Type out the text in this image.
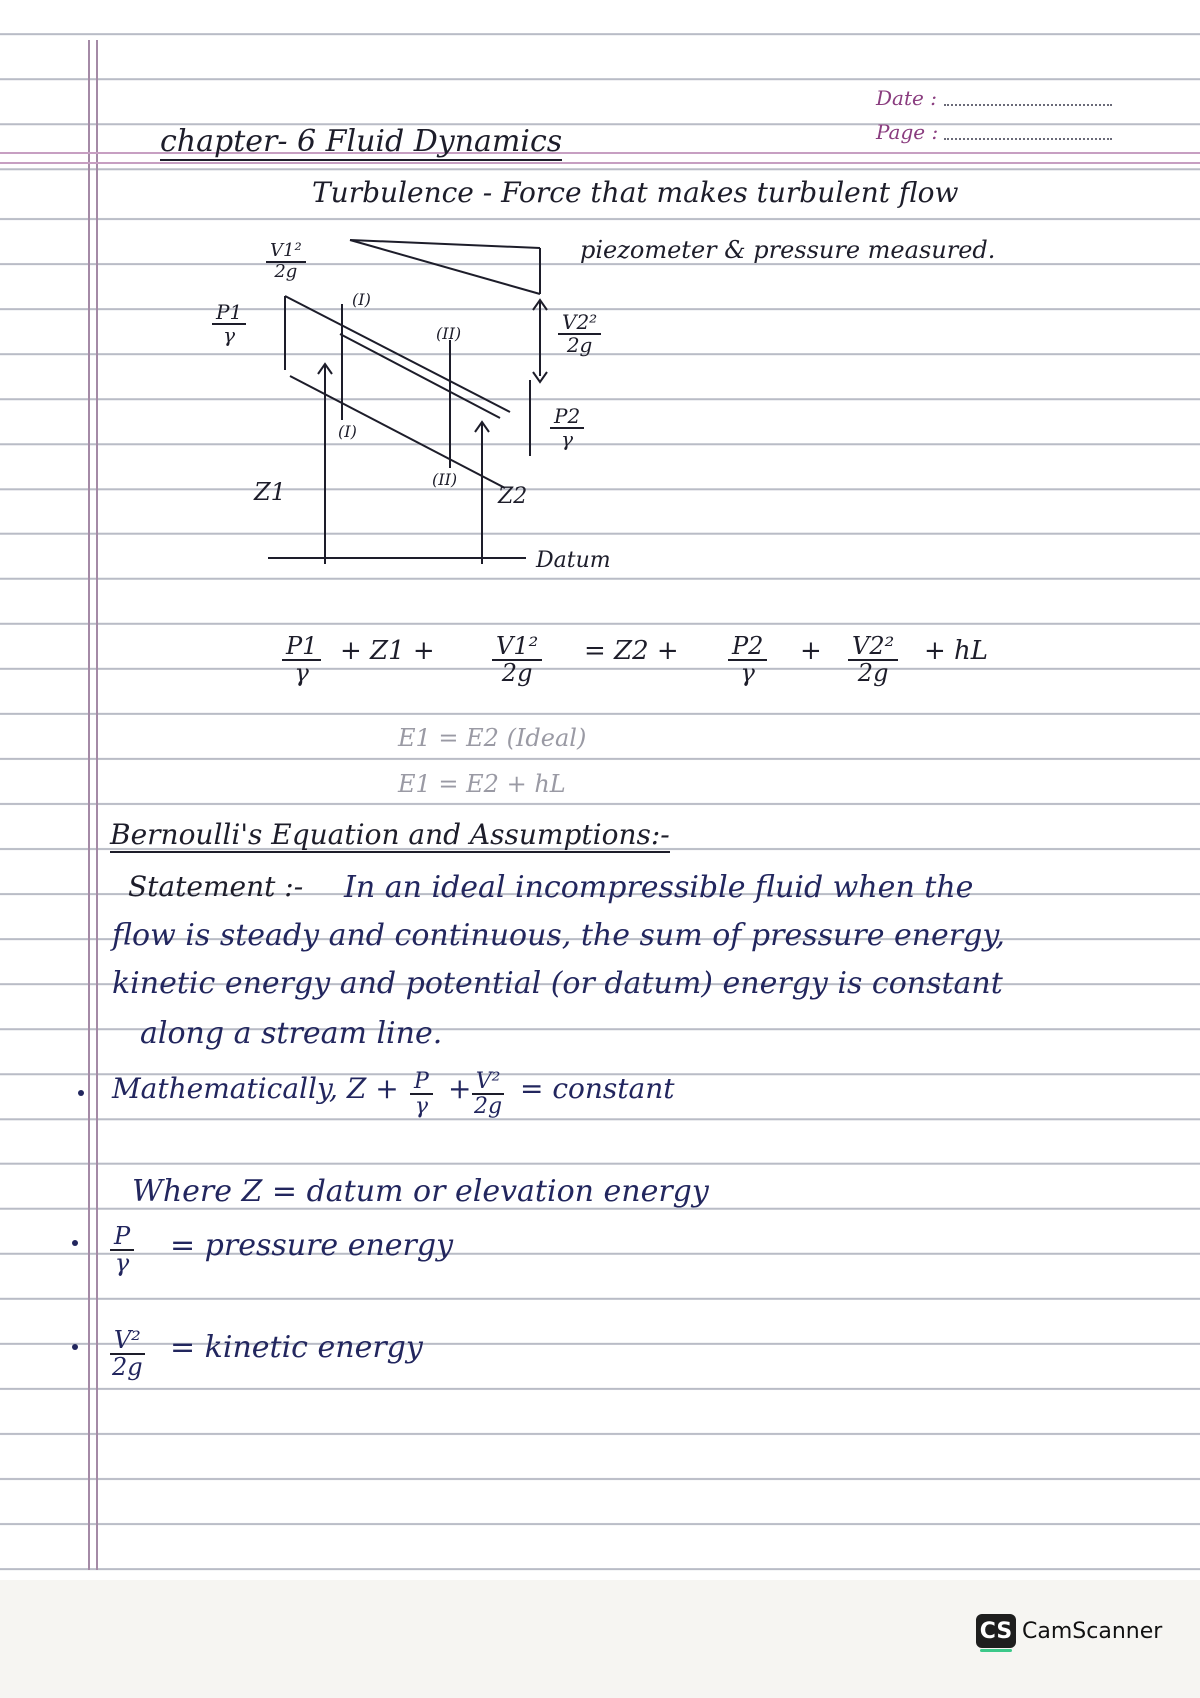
Date :
Page :
chapter- 6 Fluid Dynamics
Turbulence - Force that makes turbulent flow
piezometer & pressure measured.
$\frac{\text{V1²}}{2g}$
$\frac{P1}{\gamma}$	$\frac{\text{V2²}}{2g}$
$\frac{P2}{\gamma}$
(I)
(II)
(I)
(II)
Z1	Z2
Datum
$\frac{P1}{\gamma} + Z1 + \frac{\text{V1²}}{2g} = Z2 + \frac{P2}{\gamma} + \frac{\text{V2²}}{2g}$ + hL
E1 = E2 (Ideal)
E1 = E2 + hL
Bernoulli's Equation and Assumptions:-
Statement :- In an ideal incompressible fluid when the
flow is steady and continuous, the sum of pressure energy,
kinetic energy and potential (or datum) energy is constant
along a stream line.
Mathematically, $Z + \frac{P}{\gamma}$ +
$\frac{\text{V²}}{2g}$ = constant
Where Z = datum or elevation energy
$\frac{P}{\gamma}$ = pressure energy
$\frac{\text{V²}}{2g}$ = kinetic energy
CS CamScanner
